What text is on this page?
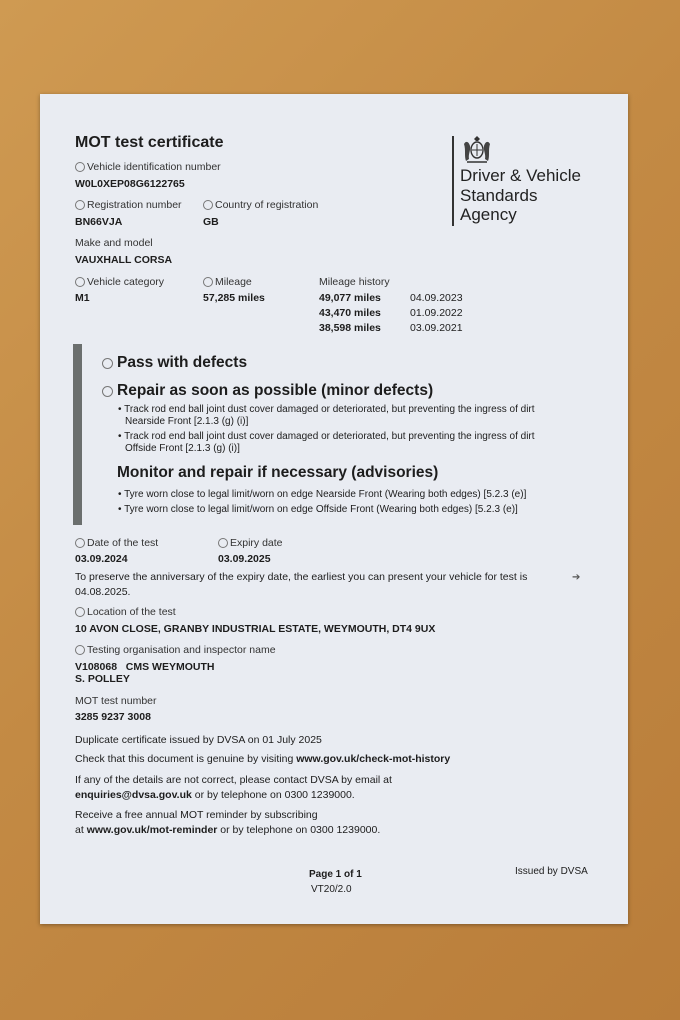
MOT test certificate
Driver & Vehicle
Standards
Agency
Vehicle identification number
W0L0XEP08G6122765
Registration number
BN66VJA
Country of registration
GB
Make and model
VAUXHALL CORSA
Vehicle category
M1
Mileage
57,285 miles
Mileage history
49,077 miles	04.09.2023
43,470 miles	01.09.2022
38,598 miles	03.09.2021
Pass with defects
Repair as soon as possible (minor defects)
• Track rod end ball joint dust cover damaged or deteriorated, but preventing the ingress of dirt
Nearside Front [2.1.3 (g) (i)]
• Track rod end ball joint dust cover damaged or deteriorated, but preventing the ingress of dirt
Offside Front [2.1.3 (g) (i)]
Monitor and repair if necessary (advisories)
• Tyre worn close to legal limit/worn on edge Nearside Front (Wearing both edges) [5.2.3 (e)]
• Tyre worn close to legal limit/worn on edge Offside Front (Wearing both edges) [5.2.3 (e)]
Date of the test
03.09.2024
Expiry date
03.09.2025
To preserve the anniversary of the expiry date, the earliest you can present your vehicle for test is
04.08.2025.
➔
Location of the test
10 AVON CLOSE, GRANBY INDUSTRIAL ESTATE, WEYMOUTH, DT4 9UX
Testing organisation and inspector name
V108068   CMS WEYMOUTH
S. POLLEY
MOT test number
3285 9237 3008
Duplicate certificate issued by DVSA on 01 July 2025
Check that this document is genuine by visiting www.gov.uk/check-mot-history
If any of the details are not correct, please contact DVSA by email at
enquiries@dvsa.gov.uk or by telephone on 0300 1239000.
Receive a free annual MOT reminder by subscribing
at www.gov.uk/mot-reminder or by telephone on 0300 1239000.
Page 1 of 1
VT20/2.0
Issued by DVSA
